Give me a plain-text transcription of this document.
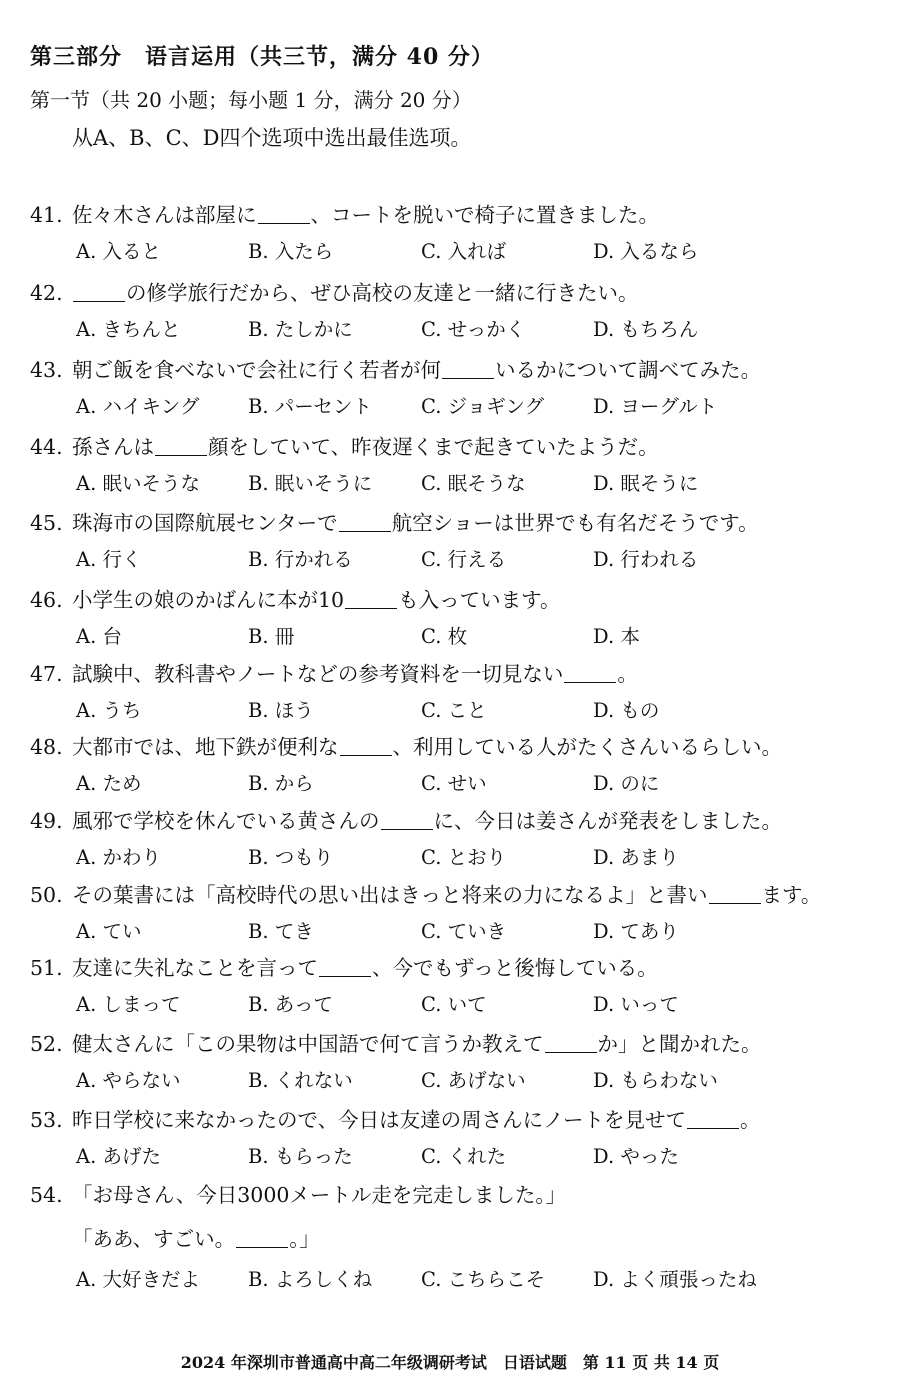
第三部分　语言运用（共三节，满分 40 分）
第一节（共 20 小题；每小题 1 分，满分 20 分）
从A、B、C、D四个选项中选出最佳选项。
41. 佐々木さんは部屋に	、コートを脱いで椅子に置きました。
A. 入ると	B. 入たら	C. 入れば	D. 入るなら
42.	の修学旅行だから、ぜひ高校の友達と一緒に行きたい。
A. きちんと	B. たしかに	C. せっかく	D. もちろん
43. 朝ご飯を食べないで会社に行く若者が何	いるかについて調べてみた。
A. ハイキング B. パーセント	C. ジョギング	D. ヨーグルト
44. 孫さんは	顔をしていて、昨夜遅くまで起きていたようだ。
A. 眠いそうな B. 眠いそうに	C. 眠そうな	D. 眠そうに
45. 珠海市の国際航展センターで	航空ショーは世界でも有名だそうです。
A. 行く	B. 行かれる	C. 行える	D. 行われる
46. 小学生の娘のかばんに本が10	も入っています。
A. 台	B. 冊	C. 枚	D. 本
47. 試験中、教科書やノートなどの参考資料を一切見ない	。
A. うち	B. ほう	C. こと	D. もの
48. 大都市では、地下鉄が便利な	、利用している人がたくさんいるらしい。
A. ため	B. から	C. せい	D. のに
49. 風邪で学校を休んでいる黄さんの	に、今日は姜さんが発表をしました。
A. かわり	B. つもり	C. とおり	D. あまり
50. その葉書には「高校時代の思い出はきっと将来の力になるよ」と書い	ます。
A. てい	B. てき	C. ていき	D. てあり
51. 友達に失礼なことを言って	、今でもずっと後悔している。
A. しまって	B. あって	C. いて	D. いって
52. 健太さんに「この果物は中国語で何て言うか教えて	か」と聞かれた。
A. やらない	B. くれない	C. あげない	D. もらわない
53. 昨日学校に来なかったので、今日は友達の周さんにノートを見せて	。
A. あげた	B. もらった	C. くれた	D. やった
54. 「お母さん、今日3000メートル走を完走しました。」
「ああ、すごい。	。」
A. 大好きだよ B. よろしくね	C. こちらこそ D. よく頑張ったね
2024 年深圳市普通高中高二年级调研考试　日语试题　第 11 页 共 14 页
